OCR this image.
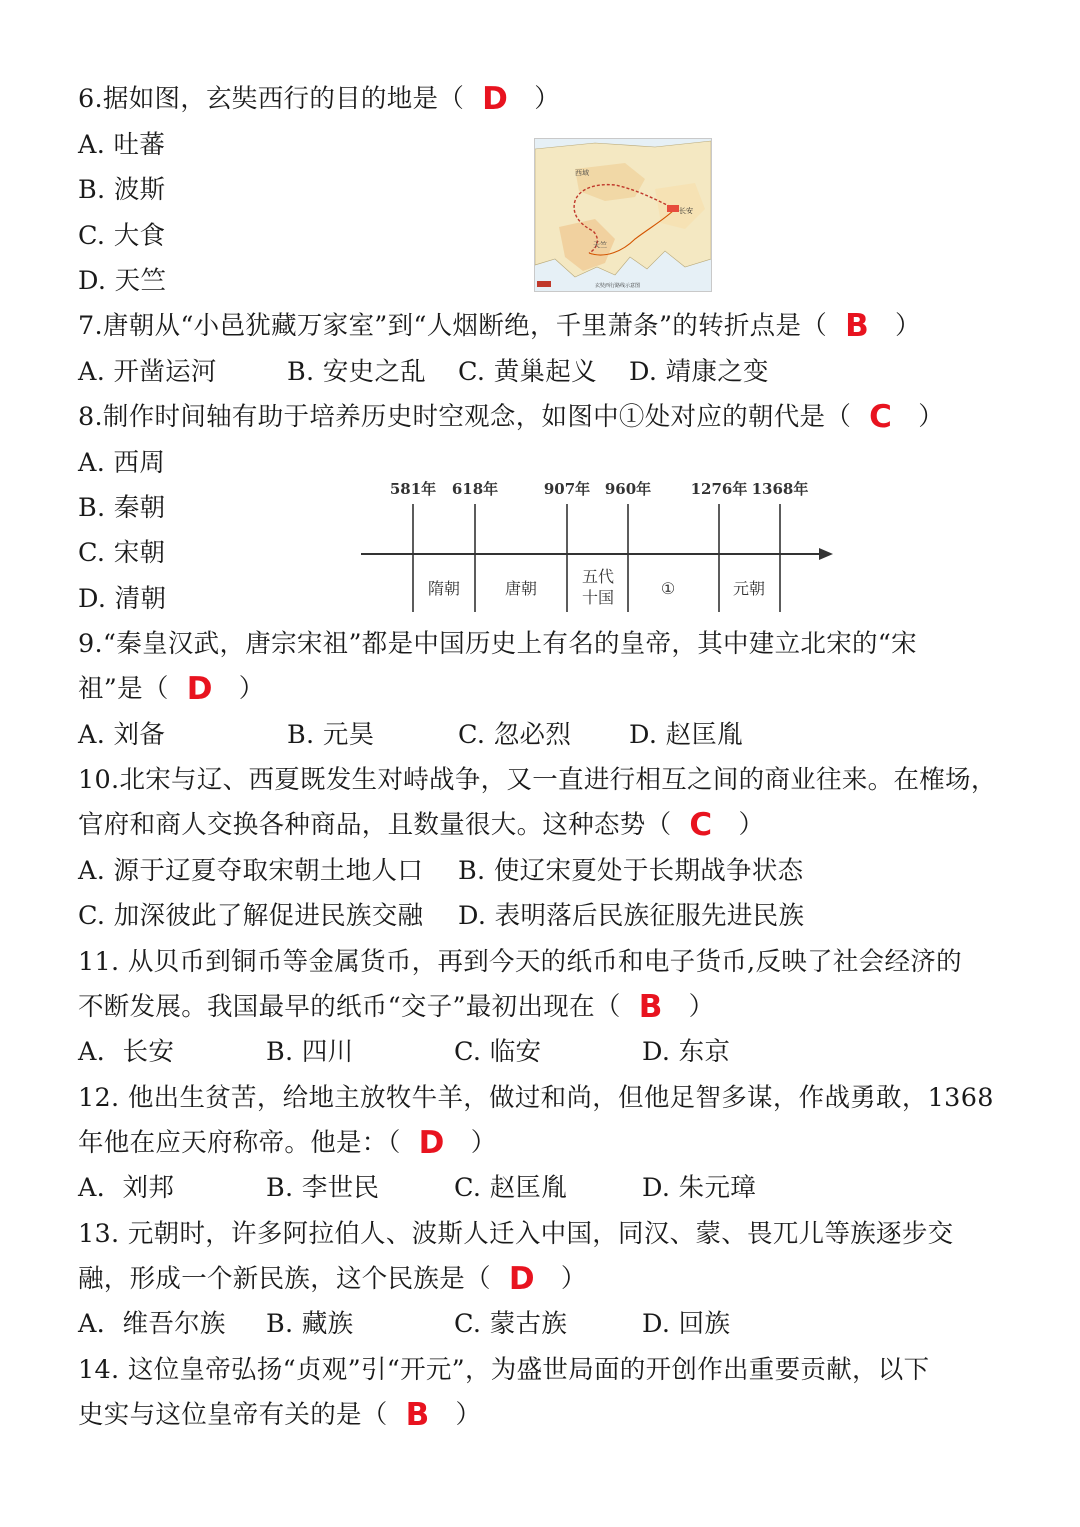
6.据如图，玄奘西行的目的地是（ D ）
A. 吐蕃
B. 波斯
C. 大食
D. 天竺
西域
长安
天竺
玄奘西行路线示意图
7.唐朝从“小邑犹藏万家室”到“人烟断绝，千里萧条”的转折点是（ B ）
A. 开凿运河	B. 安史之乱 C. 黄巢起义 D. 靖康之变
8.制作时间轴有助于培养历史时空观念，如图中①处对应的朝代是（ C ）
A. 西周
B. 秦朝
C. 宋朝
D. 清朝
581年 618年	907年 960年	1276年 1368年
隋朝	唐朝
五代
十国	①	元朝
9.“秦皇汉武，唐宗宋祖”都是中国历史上有名的皇帝，其中建立北宋的“宋
祖”是（ D ）
A. 刘备	B. 元昊	C. 忽必烈 D. 赵匡胤
10.北宋与辽、西夏既发生对峙战争，又一直进行相互之间的商业往来。在榷场，
官府和商人交换各种商品，且数量很大。这种态势（ C ）
A. 源于辽夏夺取宋朝土地人口 B. 使辽宋夏处于长期战争状态
C. 加深彼此了解促进民族交融 D. 表明落后民族征服先进民族
11. 从贝币到铜币等金属货币，再到今天的纸币和电子货币,反映了社会经济的
不断发展。我国最早的纸币“交子”最初出现在（ B ）
A．长安	B. 四川	C. 临安	D. 东京
12. 他出生贫苦，给地主放牧牛羊，做过和尚，但他足智多谋，作战勇敢，1368
年他在应天府称帝。他是：（ D ）
A．刘邦	B. 李世民	C. 赵匡胤	D. 朱元璋
13. 元朝时，许多阿拉伯人、波斯人迁入中国，同汉、蒙、畏兀儿等族逐步交
融，形成一个新民族，这个民族是（ D ）
A．维吾尔族 B. 藏族	C. 蒙古族	D. 回族
14. 这位皇帝弘扬“贞观”引“开元”，为盛世局面的开创作出重要贡献，以下
史实与这位皇帝有关的是（ B ）
